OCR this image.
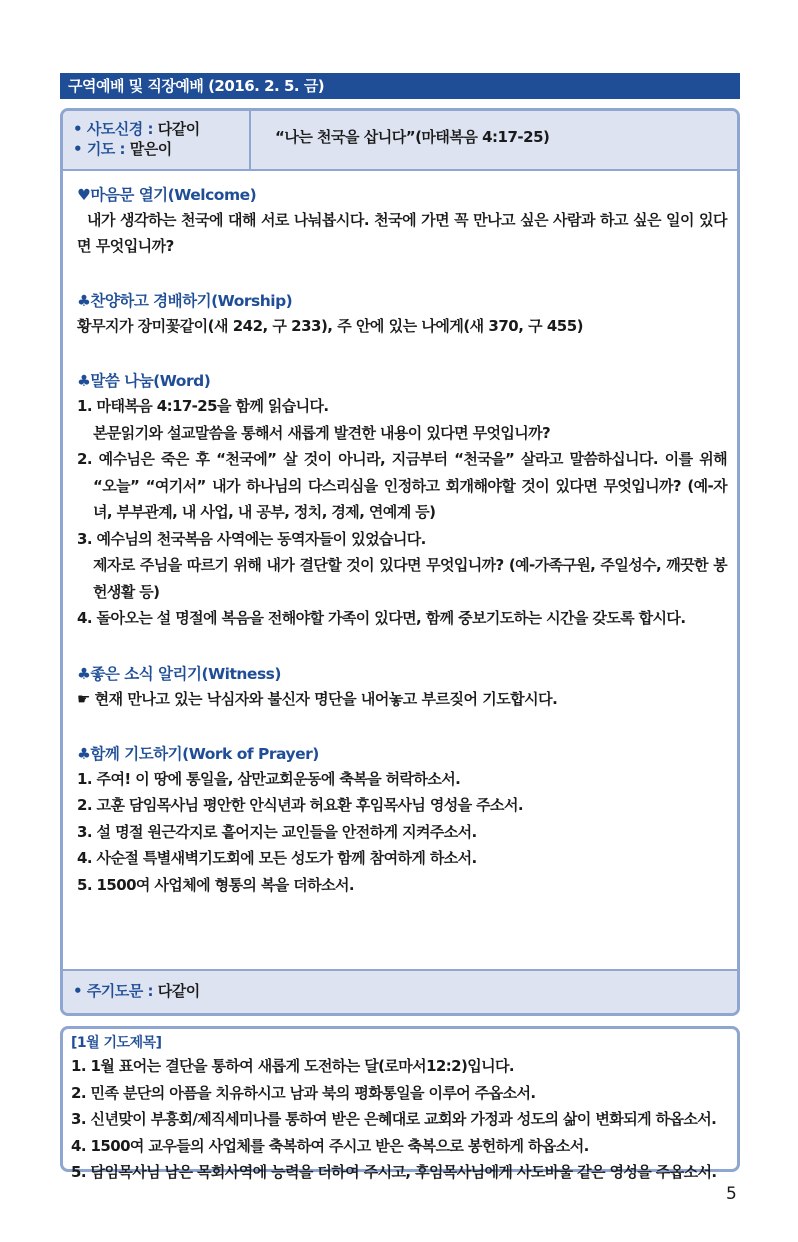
구역예배 및 직장예배 (2016. 2. 5. 금)
• 사도신경 : 다같이
• 기도 : 맡은이
“나는 천국을 삽니다”(마태복음 4:17-25)
♥마음문 열기(Welcome)
내가 생각하는 천국에 대해 서로 나눠봅시다. 천국에 가면 꼭 만나고 싶은 사람과 하고 싶은 일이 있다면 무엇입니까?
♣찬양하고 경배하기(Worship)
황무지가 장미꽃같이(새 242, 구 233), 주 안에 있는 나에게(새 370, 구 455)
♣말씀 나눔(Word)
1. 마태복음 4:17-25을 함께 읽습니다.
본문읽기와 설교말씀을 통해서 새롭게 발견한 내용이 있다면 무엇입니까?
2. 예수님은 죽은 후 “천국에” 살 것이 아니라, 지금부터 “천국을” 살라고 말씀하십니다. 이를 위해 “오늘” “여기서” 내가 하나님의 다스리심을 인정하고 회개해야할 것이 있다면 무엇입니까? (예-자녀, 부부관계, 내 사업, 내 공부, 정치, 경제, 연예계 등)
3. 예수님의 천국복음 사역에는 동역자들이 있었습니다.
제자로 주님을 따르기 위해 내가 결단할 것이 있다면 무엇입니까? (예-가족구원, 주일성수, 깨끗한 봉헌생활 등)
4. 돌아오는 설 명절에 복음을 전해야할 가족이 있다면, 함께 중보기도하는 시간을 갖도록 합시다.
♣좋은 소식 알리기(Witness)
☛ 현재 만나고 있는 낙심자와 불신자 명단을 내어놓고 부르짖어 기도합시다.
♣함께 기도하기(Work of Prayer)
1. 주여! 이 땅에 통일을, 삼만교회운동에 축복을 허락하소서.
2. 고훈 담임목사님 평안한 안식년과 허요환 후임목사님 영성을 주소서.
3. 설 명절 원근각지로 흩어지는 교인들을 안전하게 지켜주소서.
4. 사순절 특별새벽기도회에 모든 성도가 함께 참여하게 하소서.
5. 1500여 사업체에 형통의 복을 더하소서.
• 주기도문 : 다같이
[1월 기도제목]
1. 1월 표어는 결단을 통하여 새롭게 도전하는 달(로마서12:2)입니다.
2. 민족 분단의 아픔을 치유하시고 남과 북의 평화통일을 이루어 주옵소서.
3. 신년맞이 부흥회/제직세미나를 통하여 받은 은혜대로 교회와 가정과 성도의 삶이 변화되게 하옵소서.
4. 1500여 교우들의 사업체를 축복하여 주시고 받은 축복으로 봉헌하게 하옵소서.
5. 담임목사님 남은 목회사역에 능력을 더하여 주시고, 후임목사님에게 사도바울 같은 영성을 주옵소서.
5
